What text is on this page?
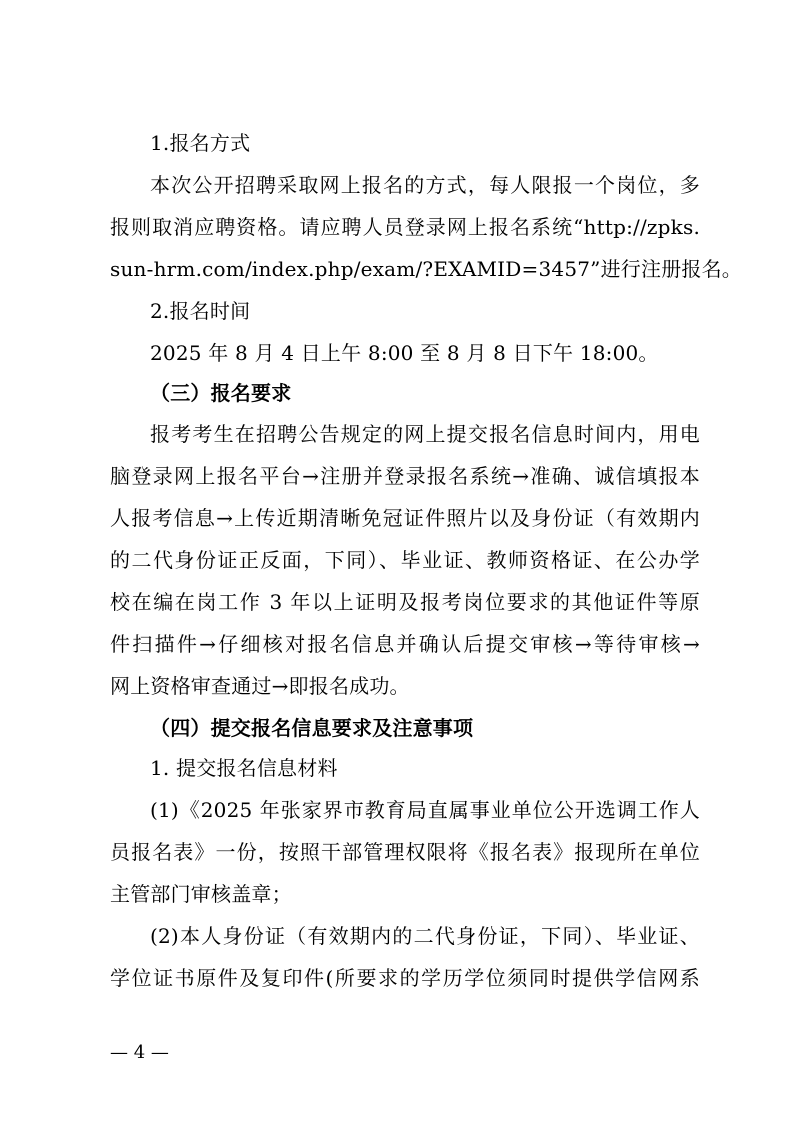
1.报名方式
本次公开招聘采取网上报名的方式，每人限报一个岗位，多
报则取消应聘资格。请应聘人员登录网上报名系统“http://zpks.
sun-hrm.com/index.php/exam/?EXAMID=3457”进行注册报名。
2.报名时间
2025 年 8 月 4 日上午 8:00 至 8 月 8 日下午 18:00。
（三）报名要求
报考考生在招聘公告规定的网上提交报名信息时间内，用电
脑登录网上报名平台→注册并登录报名系统→准确、诚信填报本
人报考信息→上传近期清晰免冠证件照片以及身份证（有效期内
的二代身份证正反面，下同）、毕业证、教师资格证、在公办学
校在编在岗工作 3 年以上证明及报考岗位要求的其他证件等原
件扫描件→仔细核对报名信息并确认后提交审核→等待审核→
网上资格审查通过→即报名成功。
（四）提交报名信息要求及注意事项
1. 提交报名信息材料
(1)《2025 年张家界市教育局直属事业单位公开选调工作人
员报名表》一份，按照干部管理权限将《报名表》报现所在单位
主管部门审核盖章；
(2)本人身份证（有效期内的二代身份证，下同）、毕业证、
学位证书原件及复印件(所要求的学历学位须同时提供学信网系
— 4 —
